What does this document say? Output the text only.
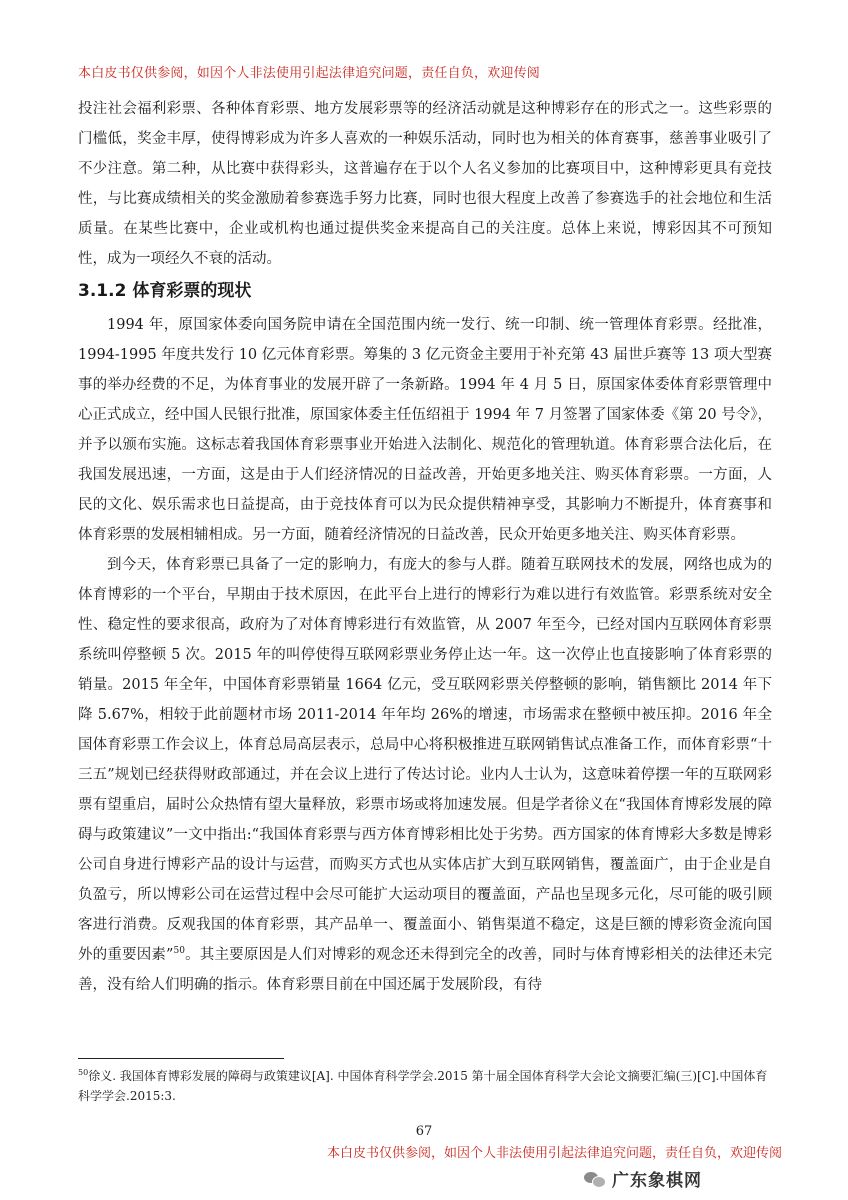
本白皮书仅供参阅，如因个人非法使用引起法律追究问题，责任自负，欢迎传阅

投注社会福利彩票、各种体育彩票、地方发展彩票等的经济活动就是这种博彩存在的形式之一。这些彩票的门槛低，奖金丰厚，使得博彩成为许多人喜欢的一种娱乐活动，同时也为相关的体育赛事，慈善事业吸引了不少注意。第二种，从比赛中获得彩头，这普遍存在于以个人名义参加的比赛项目中，这种博彩更具有竞技性，与比赛成绩相关的奖金激励着参赛选手努力比赛，同时也很大程度上改善了参赛选手的社会地位和生活质量。在某些比赛中，企业或机构也通过提供奖金来提高自己的关注度。总体上来说，博彩因其不可预知性，成为一项经久不衰的活动。

3.1.2 体育彩票的现状

1994 年，原国家体委向国务院申请在全国范围内统一发行、统一印制、统一管理体育彩票。经批准，1994-1995 年度共发行 10 亿元体育彩票。筹集的 3 亿元资金主要用于补充第 43 届世乒赛等 13 项大型赛事的举办经费的不足，为体育事业的发展开辟了一条新路。1994 年 4 月 5 日，原国家体委体育彩票管理中心正式成立，经中国人民银行批准，原国家体委主任伍绍祖于 1994 年 7 月签署了国家体委《第 20 号令》，并予以颁布实施。这标志着我国体育彩票事业开始进入法制化、规范化的管理轨道。体育彩票合法化后，在我国发展迅速，一方面，这是由于人们经济情况的日益改善，开始更多地关注、购买体育彩票。一方面，人民的文化、娱乐需求也日益提高，由于竞技体育可以为民众提供精神享受，其影响力不断提升，体育赛事和体育彩票的发展相辅相成。另一方面，随着经济情况的日益改善，民众开始更多地关注、购买体育彩票。

到今天，体育彩票已具备了一定的影响力，有庞大的参与人群。随着互联网技术的发展，网络也成为的体育博彩的一个平台，早期由于技术原因，在此平台上进行的博彩行为难以进行有效监管。彩票系统对安全性、稳定性的要求很高，政府为了对体育博彩进行有效监管，从 2007 年至今，已经对国内互联网体育彩票系统叫停整顿 5 次。2015 年的叫停使得互联网彩票业务停止达一年。这一次停止也直接影响了体育彩票的销量。2015 年全年，中国体育彩票销量 1664 亿元，受互联网彩票关停整顿的影响，销售额比 2014 年下降 5.67%，相较于此前题材市场 2011-2014 年年均 26%的增速，市场需求在整顿中被压抑。2016 年全国体育彩票工作会议上，体育总局高层表示，总局中心将积极推进互联网销售试点准备工作，而体育彩票“十三五”规划已经获得财政部通过，并在会议上进行了传达讨论。业内人士认为，这意味着停摆一年的互联网彩票有望重启，届时公众热情有望大量释放，彩票市场或将加速发展。但是学者徐义在“我国体育博彩发展的障碍与政策建议”一文中指出:“我国体育彩票与西方体育博彩相比处于劣势。西方国家的体育博彩大多数是博彩公司自身进行博彩产品的设计与运营，而购买方式也从实体店扩大到互联网销售，覆盖面广，由于企业是自负盈亏，所以博彩公司在运营过程中会尽可能扩大运动项目的覆盖面，产品也呈现多元化，尽可能的吸引顾客进行消费。反观我国的体育彩票，其产品单一、覆盖面小、销售渠道不稳定，这是巨额的博彩资金流向国外的重要因素”$^{50}$。其主要原因是人们对博彩的观念还未得到完全的改善，同时与体育博彩相关的法律还未完善，没有给人们明确的指示。体育彩票目前在中国还属于发展阶段，有待

$^{50}$徐义. 我国体育博彩发展的障碍与政策建议[A]. 中国体育科学学会.2015 第十届全国体育科学大会论文摘要汇编(三)[C].中国体育科学学会.2015:3.
67
本白皮书仅供参阅，如因个人非法使用引起法律追究问题，责任自负，欢迎传阅
广东象棋网
